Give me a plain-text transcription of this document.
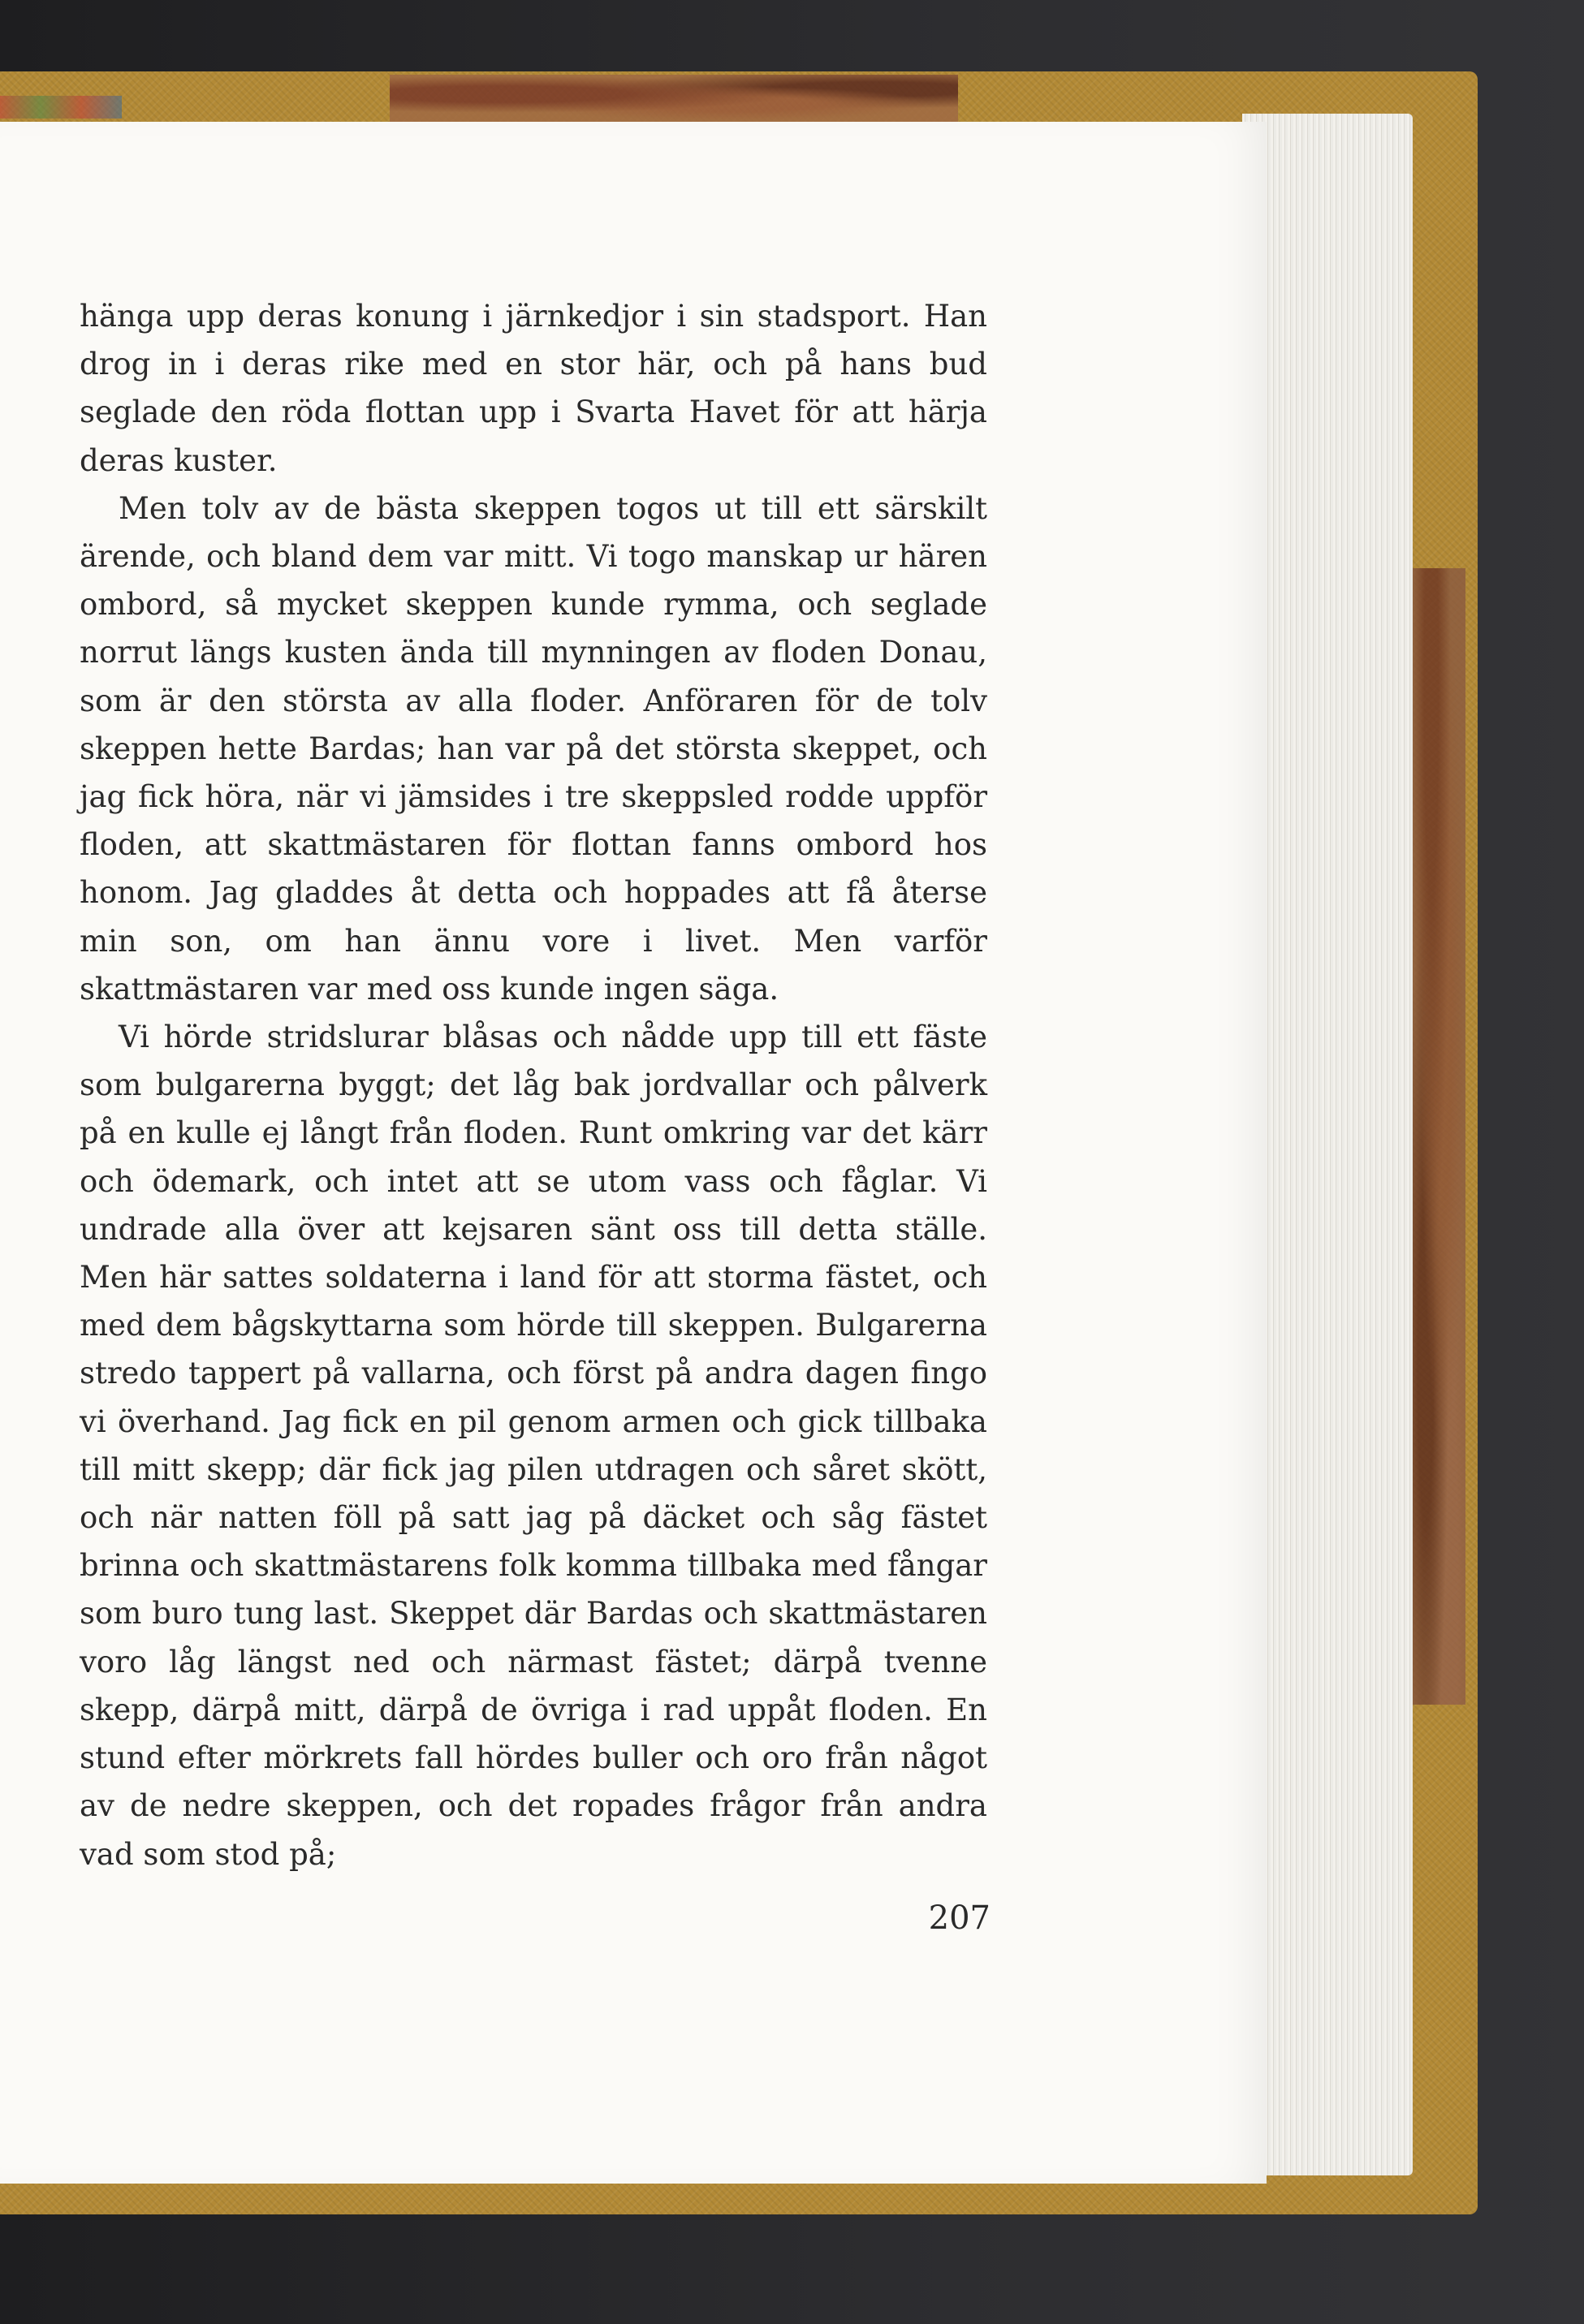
hänga upp deras konung i järnkedjor i sin stadsport. Han drog in i deras rike med en stor här, och på hans bud seglade den röda flottan upp i Svarta Havet för att härja deras kuster.

Men tolv av de bästa skeppen togos ut till ett särskilt ärende, och bland dem var mitt. Vi togo manskap ur hären ombord, så mycket skeppen kunde rymma, och seglade norrut längs kusten ända till mynningen av floden Donau, som är den största av alla floder. Anföraren för de tolv skeppen hette Bardas; han var på det största skeppet, och jag fick höra, när vi jämsides i tre skeppsled rodde uppför floden, att skattmästaren för flottan fanns ombord hos honom. Jag gladdes åt detta och hoppades att få återse min son, om han ännu vore i livet. Men varför skattmästaren var med oss kunde ingen säga.

Vi hörde stridslurar blåsas och nådde upp till ett fäste som bulgarerna byggt; det låg bak jordvallar och pålverk på en kulle ej långt från floden. Runt omkring var det kärr och ödemark, och intet att se utom vass och fåglar. Vi undrade alla över att kejsaren sänt oss till detta ställe. Men här sattes soldaterna i land för att storma fästet, och med dem bågskyttarna som hörde till skeppen. Bulgarerna stredo tappert på vallarna, och först på andra dagen fingo vi överhand. Jag fick en pil genom armen och gick tillbaka till mitt skepp; där fick jag pilen utdragen och såret skött, och när natten föll på satt jag på däcket och såg fästet brinna och skattmästarens folk komma tillbaka med fångar som buro tung last. Skeppet där Bardas och skattmästaren voro låg längst ned och närmast fästet; därpå tvenne skepp, därpå mitt, därpå de övriga i rad uppåt floden. En stund efter mörkrets fall hördes buller och oro från något av de nedre skeppen, och det ropades frågor från andra vad som stod på;

207
